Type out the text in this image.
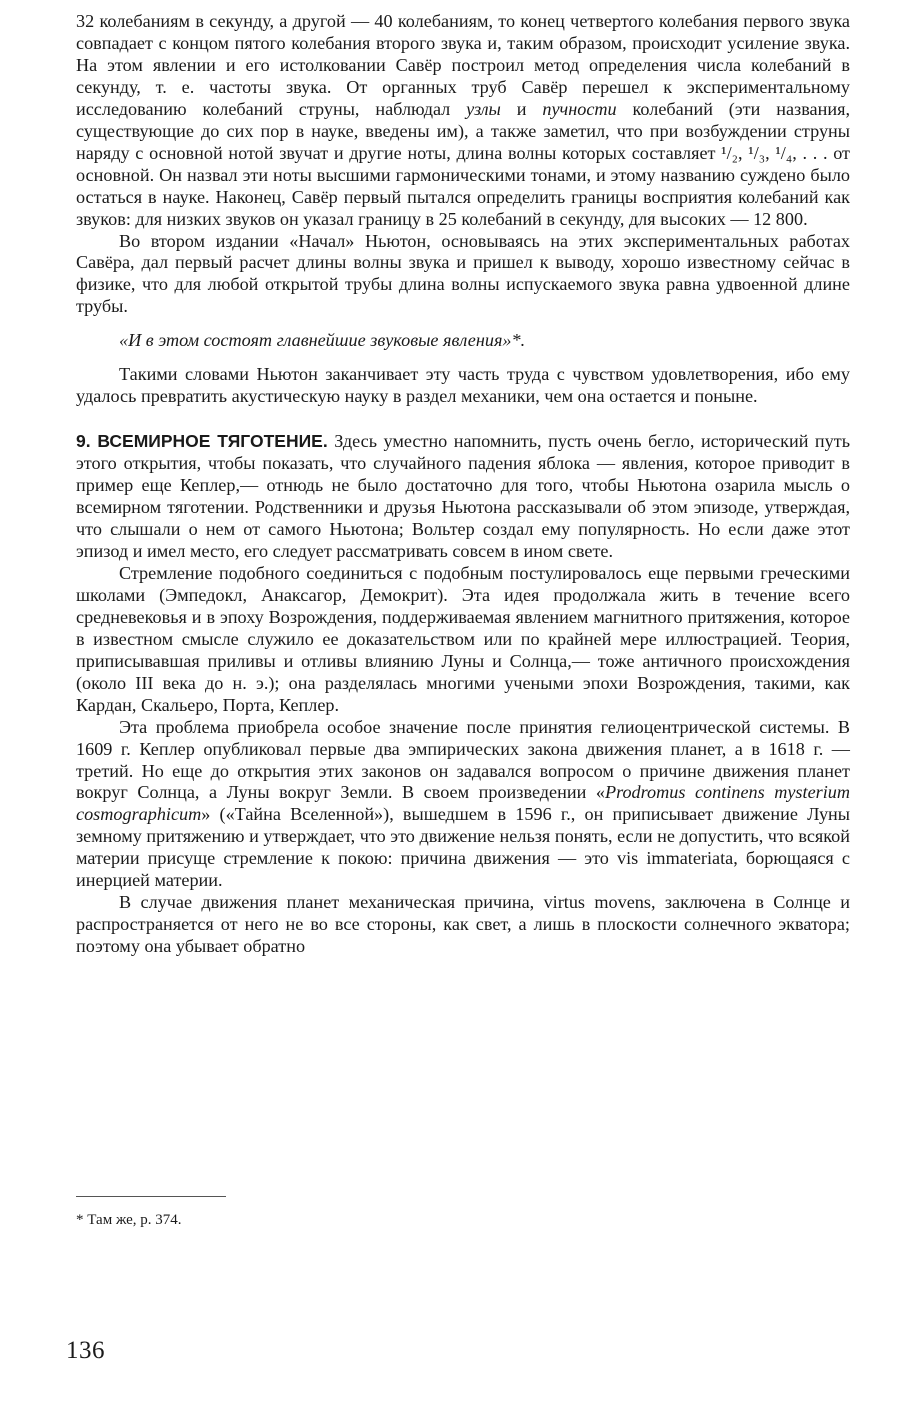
32 колебаниям в секунду, а другой — 40 колебаниям, то конец четвертого колебания первого звука совпадает с концом пятого колебания второго звука и, таким образом, происходит усиление звука. На этом явлении и его истолковании Савёр построил метод определения числа колебаний в секунду, т. е. частоты звука. От органных труб Савёр перешел к экспериментальному исследованию колебаний струны, наблюдал узлы и пучности колебаний (эти названия, существующие до сих пор в науке, введены им), а также заметил, что при возбуждении струны наряду с основной нотой звучат и другие ноты, длина волны которых составляет ¹/₂, ¹/₃, ¹/₄, . . . от основной. Он назвал эти ноты высшими гармоническими тонами, и этому названию суждено было остаться в науке. Наконец, Савёр первый пытался определить границы восприятия колебаний как звуков: для низких звуков он указал границу в 25 колебаний в секунду, для высоких — 12 800.

Во втором издании «Начал» Ньютон, основываясь на этих экспериментальных работах Савёра, дал первый расчет длины волны звука и пришел к выводу, хорошо известному сейчас в физике, что для любой открытой трубы длина волны испускаемого звука равна удвоенной длине трубы.

«И в этом состоят главнейшие звуковые явления»*.

Такими словами Ньютон заканчивает эту часть труда с чувством удовлетворения, ибо ему удалось превратить акустическую науку в раздел механики, чем она остается и поныне.

9. ВСЕМИРНОЕ ТЯГОТЕНИЕ. Здесь уместно напомнить, пусть очень бегло, исторический путь этого открытия, чтобы показать, что случайного падения яблока — явления, которое приводит в пример еще Кеплер,— отнюдь не было достаточно для того, чтобы Ньютона озарила мысль о всемирном тяготении. Родственники и друзья Ньютона рассказывали об этом эпизоде, утверждая, что слышали о нем от самого Ньютона; Вольтер создал ему популярность. Но если даже этот эпизод и имел место, его следует рассматривать совсем в ином свете.

Стремление подобного соединиться с подобным постулировалось еще первыми греческими школами (Эмпедокл, Анаксагор, Демокрит). Эта идея продолжала жить в течение всего средневековья и в эпоху Возрождения, поддерживаемая явлением магнитного притяжения, которое в известном смысле служило ее доказательством или по крайней мере иллюстрацией. Теория, приписывавшая приливы и отливы влиянию Луны и Солнца,— тоже античного происхождения (около III века до н. э.); она разделялась многими учеными эпохи Возрождения, такими, как Кардан, Скальеро, Порта, Кеплер.

Эта проблема приобрела особое значение после принятия гелиоцентрической системы. В 1609 г. Кеплер опубликовал первые два эмпирических закона движения планет, а в 1618 г. — третий. Но еще до открытия этих законов он задавался вопросом о причине движения планет вокруг Солнца, а Луны вокруг Земли. В своем произведении «Prodromus continens mysterium cosmographicum» («Тайна Вселенной»), вышедшем в 1596 г., он приписывает движение Луны земному притяжению и утверждает, что это движение нельзя понять, если не допустить, что всякой материи присуще стремление к покою: причина движения — это vis immateriata, борющаяся с инерцией материи.

В случае движения планет механическая причина, virtus movens, заключена в Солнце и распространяется от него не во все стороны, как свет, а лишь в плоскости солнечного экватора; поэтому она убывает обратно

* Там же, p. 374.
136
